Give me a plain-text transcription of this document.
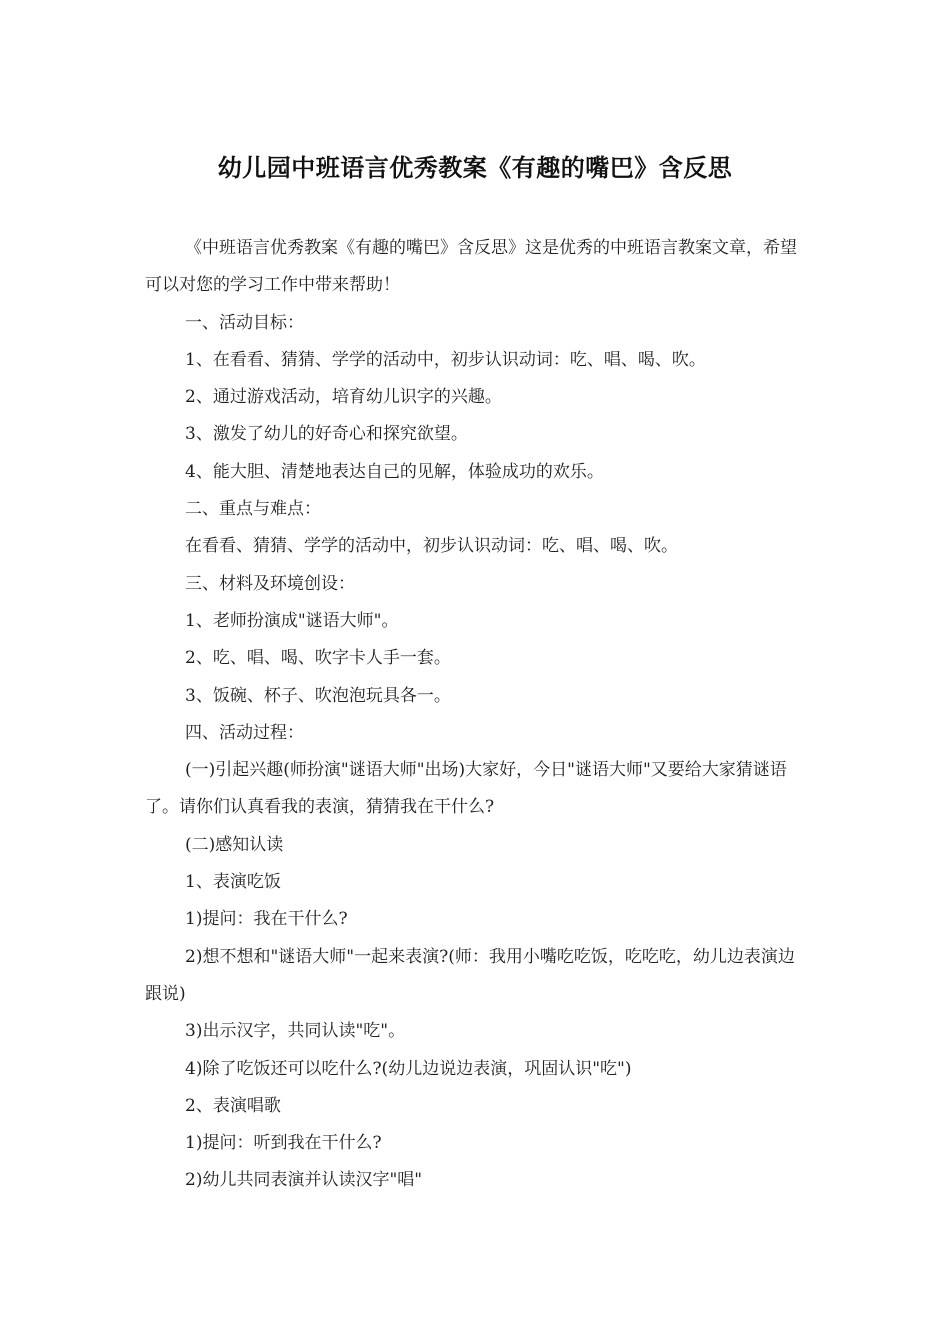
幼儿园中班语言优秀教案《有趣的嘴巴》含反思

《中班语言优秀教案《有趣的嘴巴》含反思》这是优秀的中班语言教案文章，希望可以对您的学习工作中带来帮助！

一、活动目标：

1、在看看、猜猜、学学的活动中，初步认识动词：吃、唱、喝、吹。

2、通过游戏活动，培育幼儿识字的兴趣。

3、激发了幼儿的好奇心和探究欲望。

4、能大胆、清楚地表达自己的见解，体验成功的欢乐。

二、重点与难点：

在看看、猜猜、学学的活动中，初步认识动词：吃、唱、喝、吹。

三、材料及环境创设：

1、老师扮演成"谜语大师"。

2、吃、唱、喝、吹字卡人手一套。

3、饭碗、杯子、吹泡泡玩具各一。

四、活动过程：

(一)引起兴趣(师扮演"谜语大师"出场)大家好，今日"谜语大师"又要给大家猜谜语了。请你们认真看我的表演，猜猜我在干什么?

(二)感知认读

1、表演吃饭

1)提问：我在干什么?

2)想不想和"谜语大师"一起来表演?(师：我用小嘴吃吃饭，吃吃吃，幼儿边表演边跟说)

3)出示汉字，共同认读"吃"。

4)除了吃饭还可以吃什么?(幼儿边说边表演，巩固认识"吃")

2、表演唱歌

1)提问：听到我在干什么?

2)幼儿共同表演并认读汉字"唱"
